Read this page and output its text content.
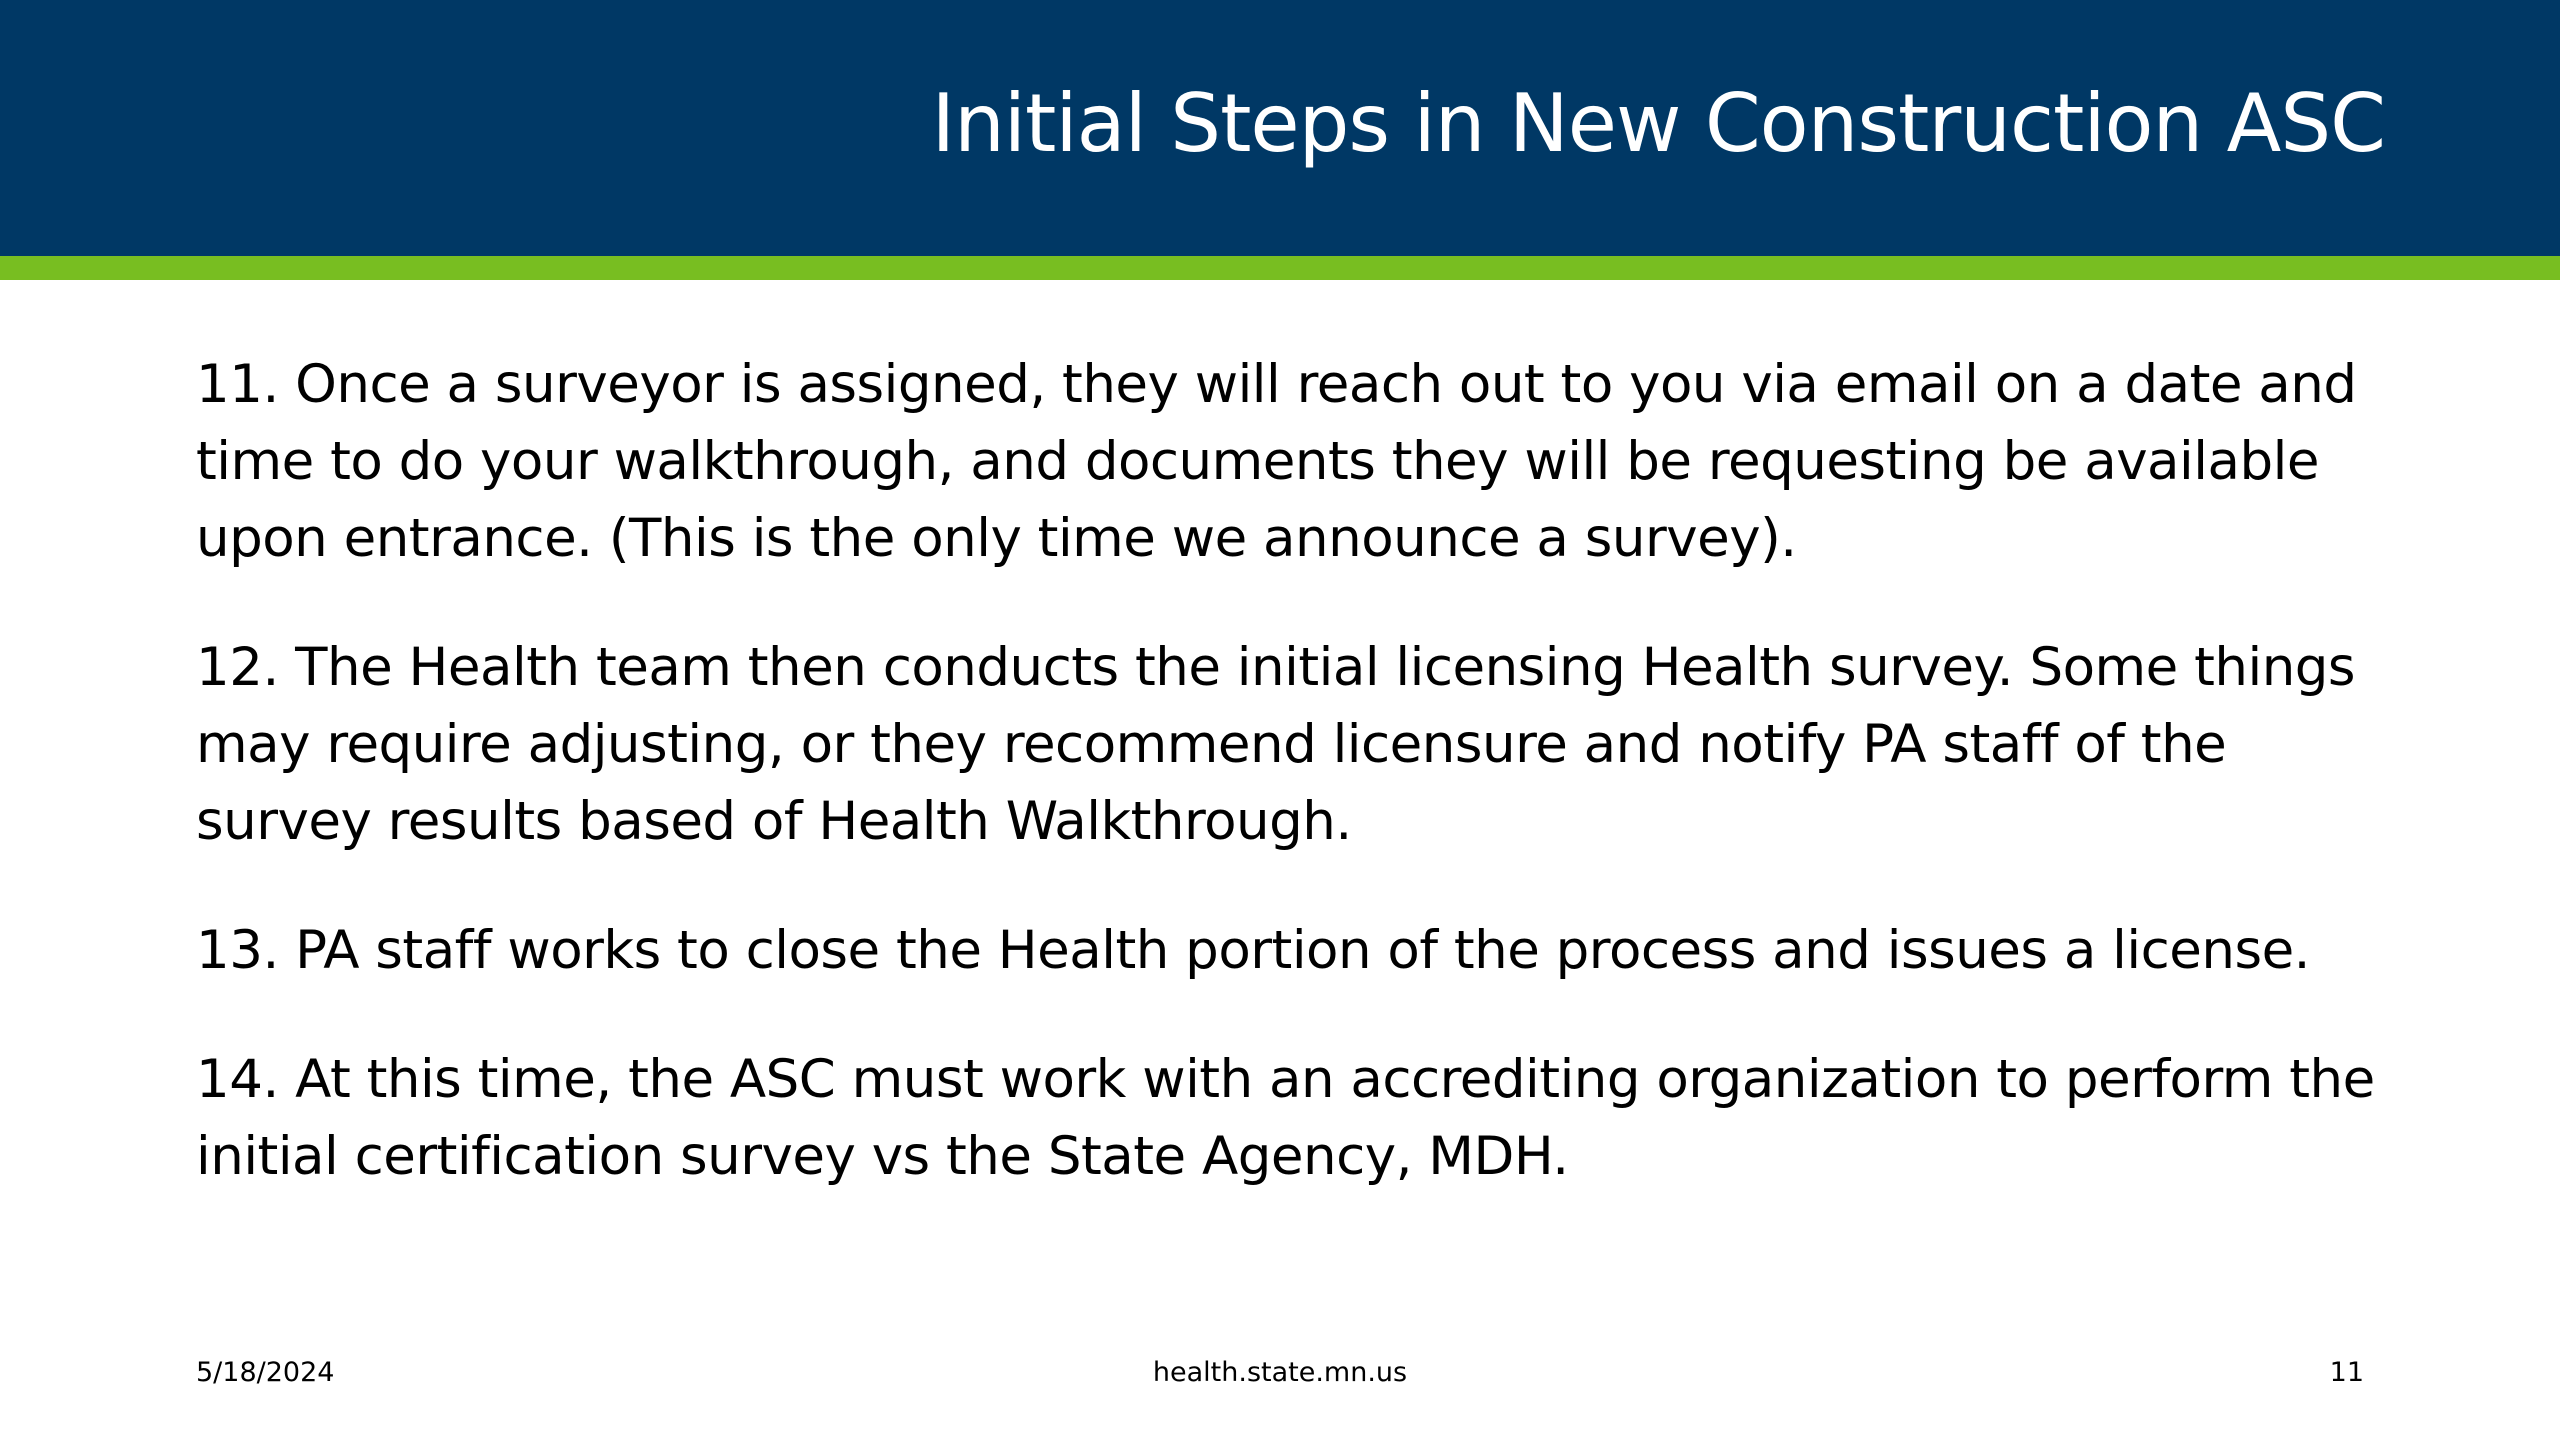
Initial Steps in New Construction ASC

11. Once a surveyor is assigned, they will reach out to you via email on a date and time to do your walkthrough, and documents they will be requesting be available upon entrance. (This is the only time we announce a survey).

12. The Health team then conducts the initial licensing Health survey. Some things may require adjusting, or they recommend licensure and notify PA staff of the survey results based of Health Walkthrough.

13. PA staff works to close the Health portion of the process and issues a license.

14. At this time, the ASC must work with an accrediting organization to perform the initial certification survey vs the State Agency, MDH.

5/18/2024	health.state.mn.us	11
